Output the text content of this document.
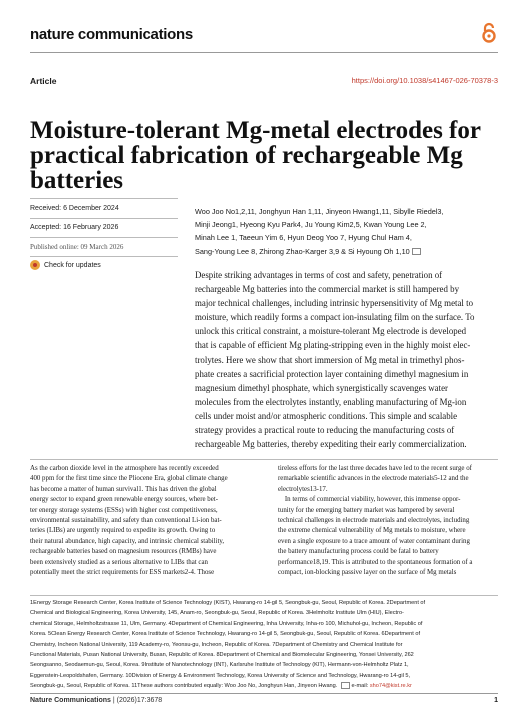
nature communications
Article	https://doi.org/10.1038/s41467-026-70378-3
Moisture-tolerant Mg-metal electrodes for
practical fabrication of rechargeable Mg
batteries
Received: 6 December 2024
Accepted: 16 February 2026
Published online: 09 March 2026
Check for updates
Woo Joo No1,2,11, Jonghyun Han 1,11, Jinyeon Hwang1,11, Sibylle Riedel3,
Minji Jeong1, Hyeong Kyu Park4, Ju Young Kim2,5, Kwan Young Lee 2,
Minah Lee 1, Taeeun Yim 6, Hyun Deog Yoo 7, Hyung Chul Ham 4,
Sang-Young Lee 8, Zhirong Zhao-Karger 3,9 & Si Hyoung Oh 1,10
Despite striking advantages in terms of cost and safety, penetration of
rechargeable Mg batteries into the commercial market is still hampered by
major technical challenges, including intrinsic hypersensitivity of Mg metal to
moisture, which readily forms a compact ion-insulating film on the surface. To
unlock this critical constraint, a moisture-tolerant Mg electrode is developed
that is capable of efficient Mg plating-stripping even in the highly moist elec-
trolytes. Here we show that short immersion of Mg metal in trimethyl phos-
phate creates a sacrificial protection layer containing dimethyl magnesium in
magnesium dimethyl phosphate, which synergistically scavenges water
molecules from the electrolytes instantly, enabling manufacturing of Mg-ion
cells under moist and/or atmospheric conditions. This simple and scalable
strategy provides a practical route to reducing the manufacturing costs of
rechargeable Mg batteries, thereby expediting their early commercialization.
As the carbon dioxide level in the atmosphere has recently exceeded
400 ppm for the first time since the Pliocene Era, global climate change
has become a matter of human survival1. This has driven the global
energy sector to expand green renewable energy sources, where bet-
ter energy storage systems (ESSs) with higher cost competitiveness,
environmental sustainability, and safety than conventional Li-ion bat-
teries (LIBs) are urgently required to expedite its growth. Owing to
their natural abundance, high capacity, and intrinsic chemical stability,
rechargeable batteries based on magnesium resources (RMBs) have
been extensively studied as a serious alternative to LIBs that can
potentially meet the strict requirements for ESS markets2-4. Those
tireless efforts for the last three decades have led to the recent surge of
remarkable scientific advances in the electrode materials5-12 and the
electrolytes13-17.
In terms of commercial viability, however, this immense oppor-
tunity for the emerging battery market was hampered by several
technical challenges in electrode materials and electrolytes, including
the extreme chemical vulnerability of Mg metals to moisture, where
even a single exposure to a trace amount of water contaminant during
the battery manufacturing process could be fatal to battery
performance18,19. This is attributed to the spontaneous formation of a
compact, ion-blocking passive layer on the surface of Mg metals
1Energy Storage Research Center, Korea Institute of Science Technology (KIST), Hwarang-ro 14-gil 5, Seongbuk-gu, Seoul, Republic of Korea. 2Department of
Chemical and Biological Engineering, Korea University, 145, Anam-ro, Seongbuk-gu, Seoul, Republic of Korea. 3Helmholtz Institute Ulm (HIU), Electro-
chemical Storage, Helmholtzstrasse 11, Ulm, Germany. 4Department of Chemical Engineering, Inha University, Inha-ro 100, Michuhol-gu, Incheon, Republic of
Korea. 5Clean Energy Research Center, Korea Institute of Science Technology, Hwarang-ro 14-gil 5, Seongbuk-gu, Seoul, Republic of Korea. 6Department of
Chemistry, Incheon National University, 119 Academy-ro, Yeonsu-gu, Incheon, Republic of Korea. 7Department of Chemistry and Chemical Institute for
Functional Materials, Pusan National University, Busan, Republic of Korea. 8Department of Chemical and Biomolecular Engineering, Yonsei University, 262
Seongsanno, Seodaemun-gu, Seoul, Korea. 9Institute of Nanotechnology (INT), Karlsruhe Institute of Technology (KIT), Hermann-von-Helmholtz Platz 1,
Eggenstein-Leopoldshafen, Germany. 10Division of Energy & Environment Technology, Korea University of Science and Technology, Hwarang-ro 14-gil 5,
Seongbuk-gu, Seoul, Republic of Korea. 11These authors contributed equally: Woo Joo No, Jonghyun Han, Jinyeon Hwang.	e-mail: sho74@kist.re.kr
Nature Communications | (2026)17:3678	1
